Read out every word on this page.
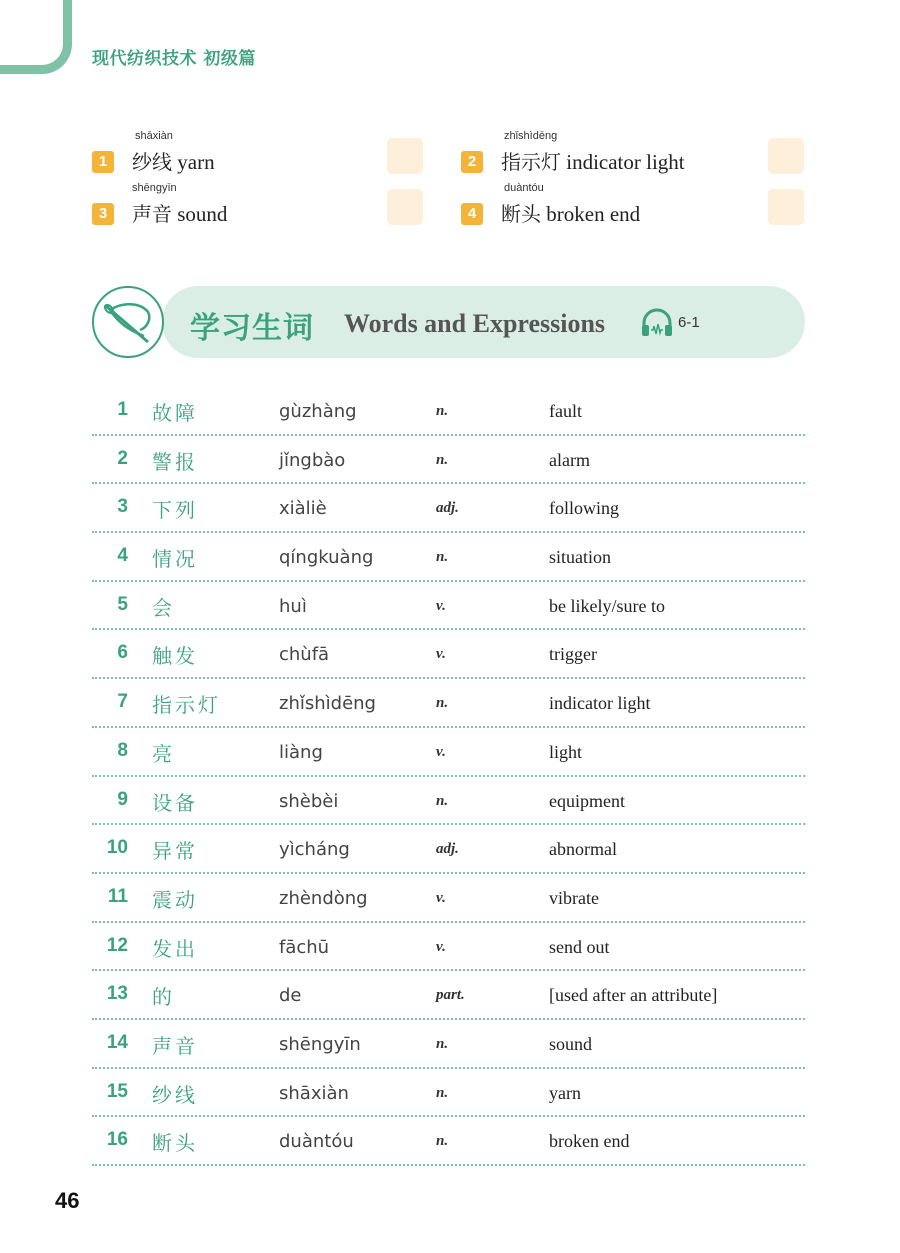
现代纺织技术 初级篇
shāxiàn
1	纱线 yarn
zhǐshìdēng
2	指示灯 indicator light
shēngyīn
3	声音 sound
duàntóu
4	断头 broken end
学习生词 Words and Expressions	6-1
1 故障	gùzhàng	n.	fault
2 警报	jǐngbào	n.	alarm
3 下列	xiàliè	adj.	following
4 情况	qíngkuàng	n.	situation
5 会	huì	v.	be likely/sure to
6 触发	chùfā	v.	trigger
7 指示灯	zhǐshìdēng	n.	indicator light
8 亮	liàng	v.	light
9 设备	shèbèi	n.	equipment
10 异常	yìcháng	adj.	abnormal
11 震动	zhèndòng	v.	vibrate
12 发出	fāchū	v.	send out
13 的	de	part.	[used after an attribute]
14 声音	shēngyīn	n.	sound
15 纱线	shāxiàn	n.	yarn
16 断头	duàntóu	n.	broken end
46
